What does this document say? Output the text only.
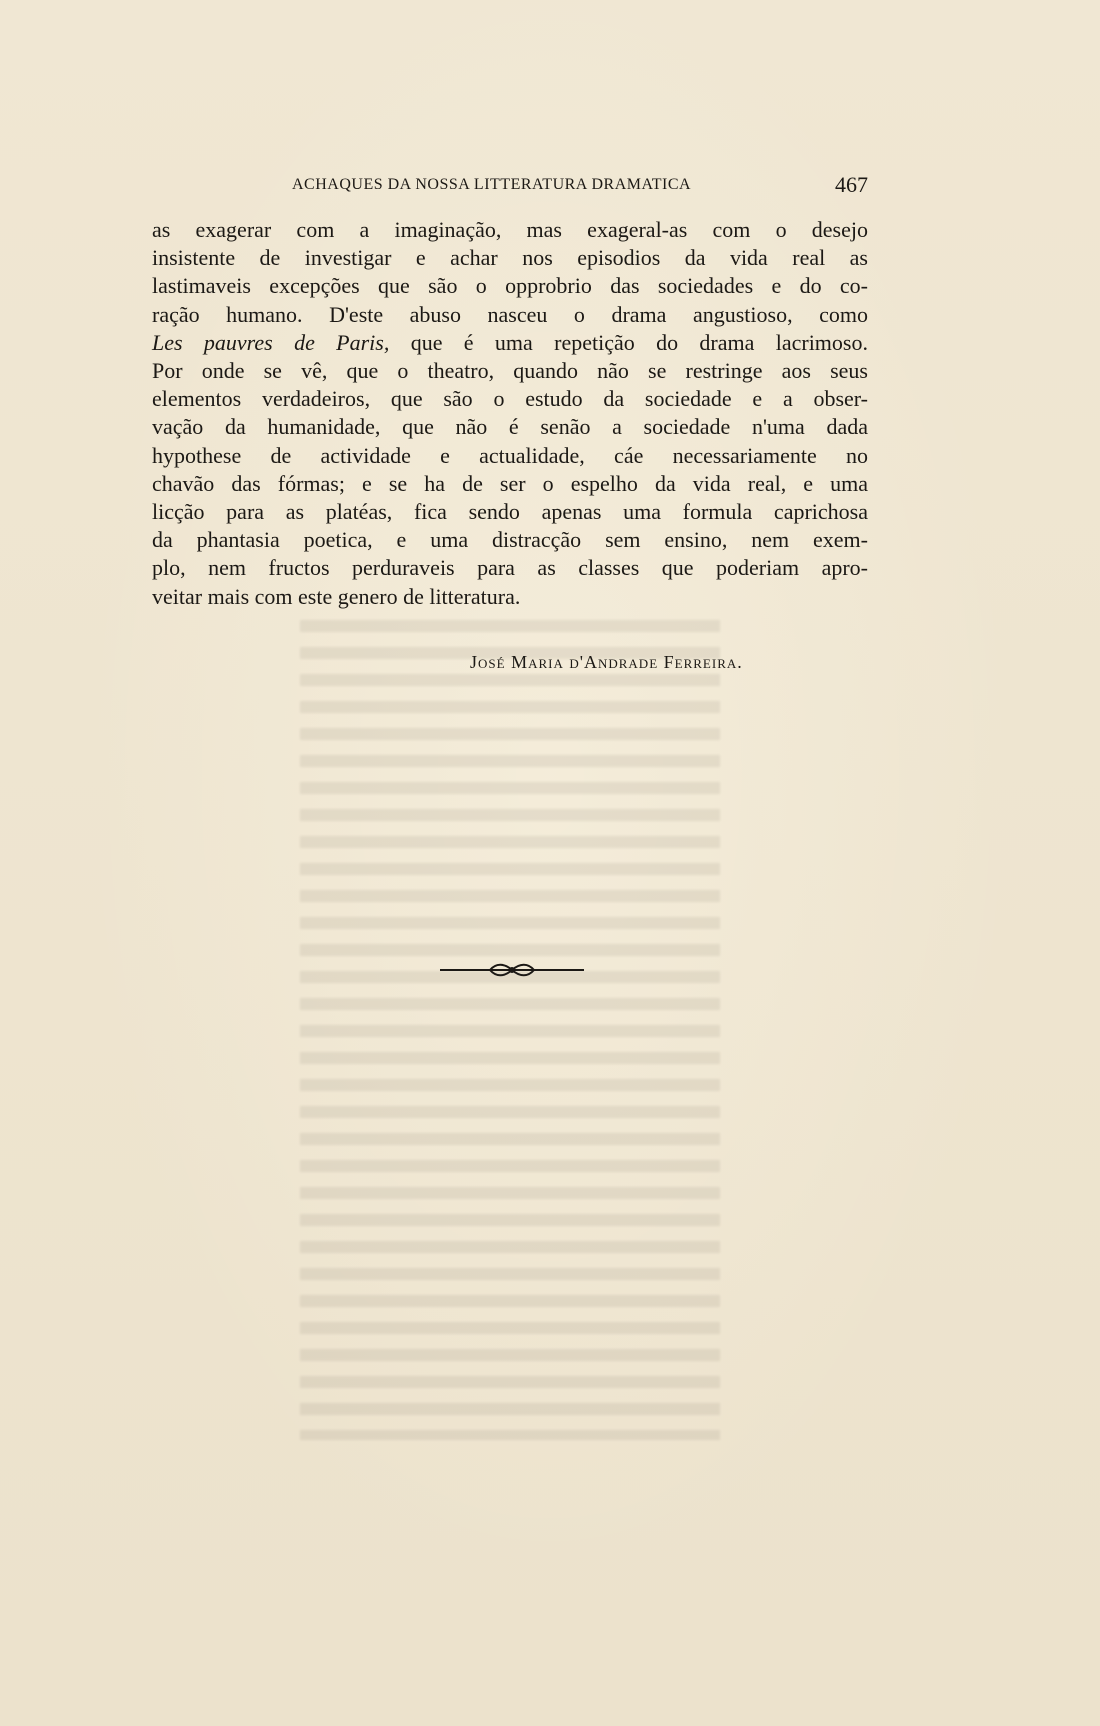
ACHAQUES DA NOSSA LITTERATURA DRAMATICA	467
as exagerar com a imaginação, mas exageral-as com o desejo
insistente de investigar e achar nos episodios da vida real as
lastimaveis excepções que são o opprobrio das sociedades e do co-
ração humano. D'este abuso nasceu o drama angustioso, como
Les pauvres de Paris, que é uma repetição do drama lacrimoso.
Por onde se vê, que o theatro, quando não se restringe aos seus
elementos verdadeiros, que são o estudo da sociedade e a obser-
vação da humanidade, que não é senão a sociedade n'uma dada
hypothese de actividade e actualidade, cáe necessariamente no
chavão das fórmas; e se ha de ser o espelho da vida real, e uma
licção para as platéas, fica sendo apenas uma formula caprichosa
da phantasia poetica, e uma distracção sem ensino, nem exem-
plo, nem fructos perduraveis para as classes que poderiam apro-
veitar mais com este genero de litteratura.
José Maria d'Andrade Ferreira.
